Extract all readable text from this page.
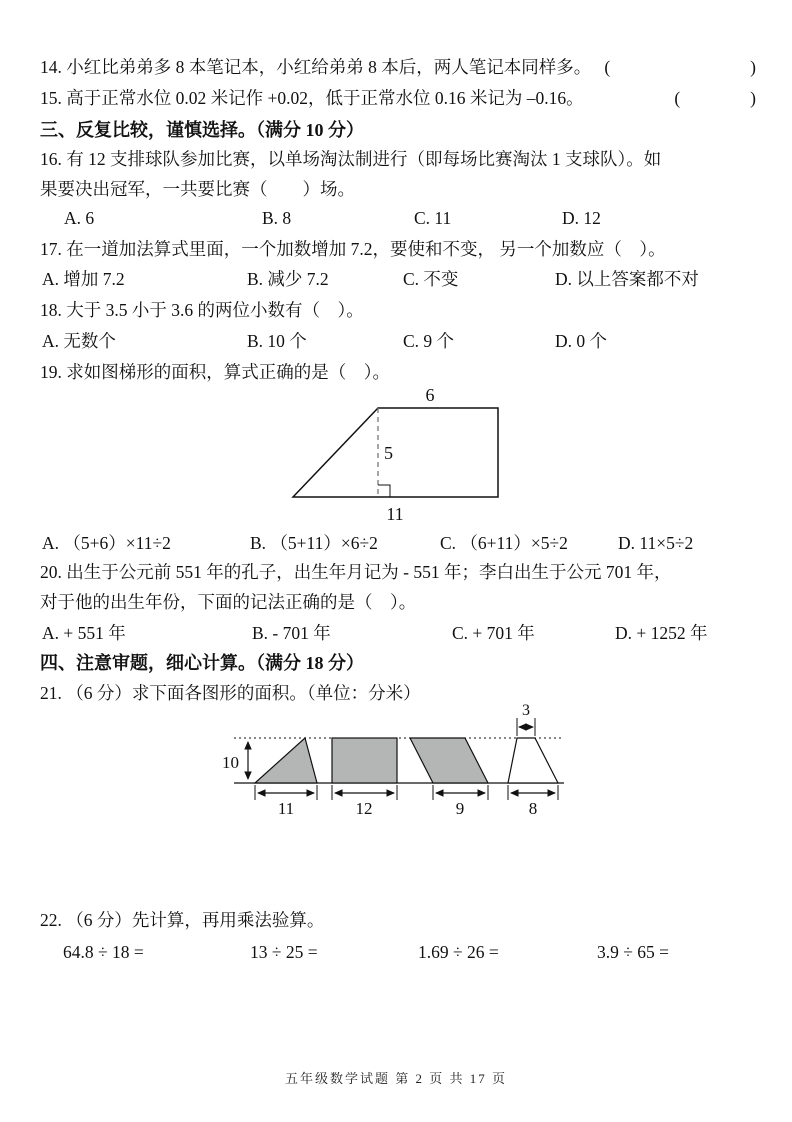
14. 小红比弟弟多 8 本笔记本，小红给弟弟 8 本后，两人笔记本同样多。 (	)
15. 高于正常水位 0.02 米记作 +0.02，低于正常水位 0.16 米记为 –0.16。	(	)
三、反复比较，谨慎选择。（满分 10 分）
16. 有 12 支排球队参加比赛，以单场淘汰制进行（即每场比赛淘汰 1 支球队）。如
果要决出冠军，一共要比赛（　　）场。
A. 6	B. 8	C. 11	D. 12
17. 在一道加法算式里面，一个加数增加 7.2，要使和不变， 另一个加数应（　）。
A. 增加 7.2	B. 减少 7.2	C. 不变	D. 以上答案都不对
18. 大于 3.5 小于 3.6 的两位小数有（　）。
A. 无数个	B. 10 个	C. 9 个	D. 0 个
19. 求如图梯形的面积，算式正确的是（　）。
6
5
11
A. （5+6）×11÷2	B. （5+11）×6÷2	C. （6+11）×5÷2	D. 11×5÷2
20. 出生于公元前 551 年的孔子，出生年月记为 - 551 年；李白出生于公元 701 年，
对于他的出生年份，下面的记法正确的是（　）。
A. + 551 年	B. - 701 年	C. + 701 年	D. + 1252 年
四、注意审题，细心计算。（满分 18 分）
21. （6 分）求下面各图形的面积。（单位：分米）
10
11	12	9
3
8
22. （6 分）先计算，再用乘法验算。
64.8 ÷ 18 =	13 ÷ 25 =	1.69 ÷ 26 =	3.9 ÷ 65 =
五年级数学试题 第 2 页 共 17 页
